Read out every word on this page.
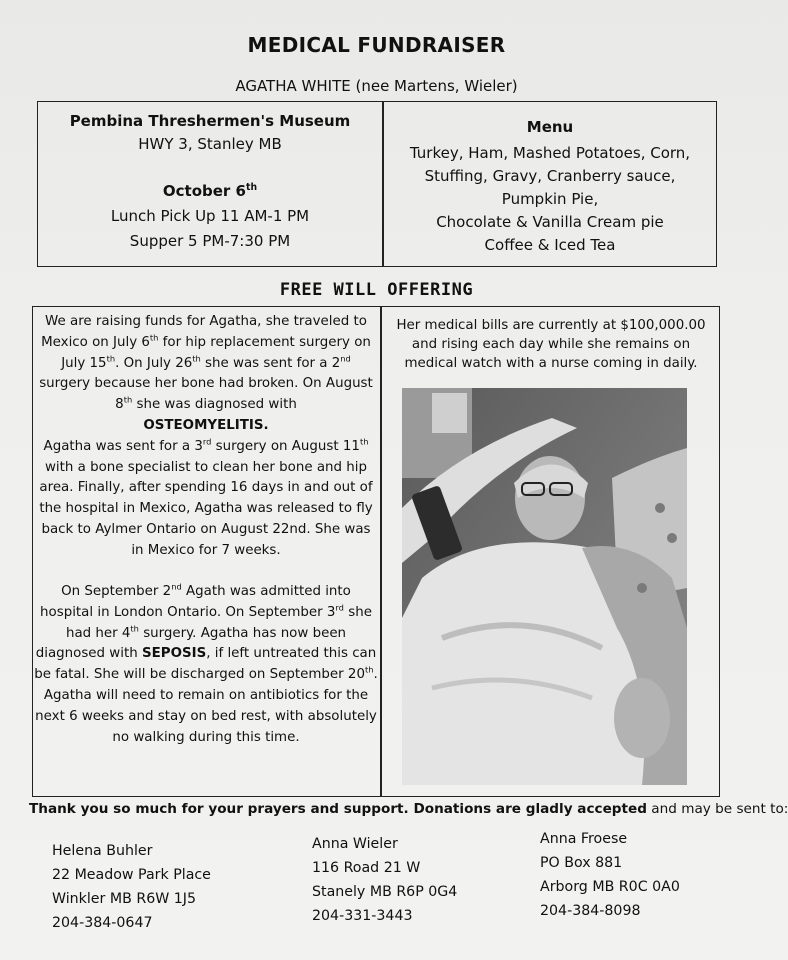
MEDICAL FUNDRAISER
AGATHA WHITE (nee Martens, Wieler)
Pembina Threshermen's Museum
HWY 3, Stanley MB
October 6th
Lunch Pick Up 11 AM-1 PM
Supper 5 PM-7:30 PM
Menu
Turkey, Ham, Mashed Potatoes, Corn,
Stuffing, Gravy, Cranberry sauce,
Pumpkin Pie,
Chocolate & Vanilla Cream pie
Coffee & Iced Tea
FREE WILL OFFERING

We are raising funds for Agatha, she traveled to Mexico on July 6th for hip replacement surgery on July 15th. On July 26th she was sent for a 2nd surgery because her bone had broken. On August 8th she was diagnosed with

OSTEOMYELITIS.

Agatha was sent for a 3rd surgery on August 11th with a bone specialist to clean her bone and hip area. Finally, after spending 16 days in and out of the hospital in Mexico, Agatha was released to fly back to Aylmer Ontario on August 22nd. She was in Mexico for 7 weeks.

On September 2nd Agath was admitted into hospital in London Ontario. On September 3rd she had her 4th surgery. Agatha has now been diagnosed with SEPOSIS, if left untreated this can be fatal. She will be discharged on September 20th. Agatha will need to remain on antibiotics for the next 6 weeks and stay on bed rest, with absolutely no walking during this time.

Her medical bills are currently at $100,000.00 and rising each day while she remains on medical watch with a nurse coming in daily.
Thank you so much for your prayers and support. Donations are gladly accepted and may be sent to:
Helena Buhler
22 Meadow Park Place
Winkler MB R6W 1J5
204-384-0647
Anna Wieler
116 Road 21 W
Stanely MB R6P 0G4
204-331-3443
Anna Froese
PO Box 881
Arborg MB R0C 0A0
204-384-8098
